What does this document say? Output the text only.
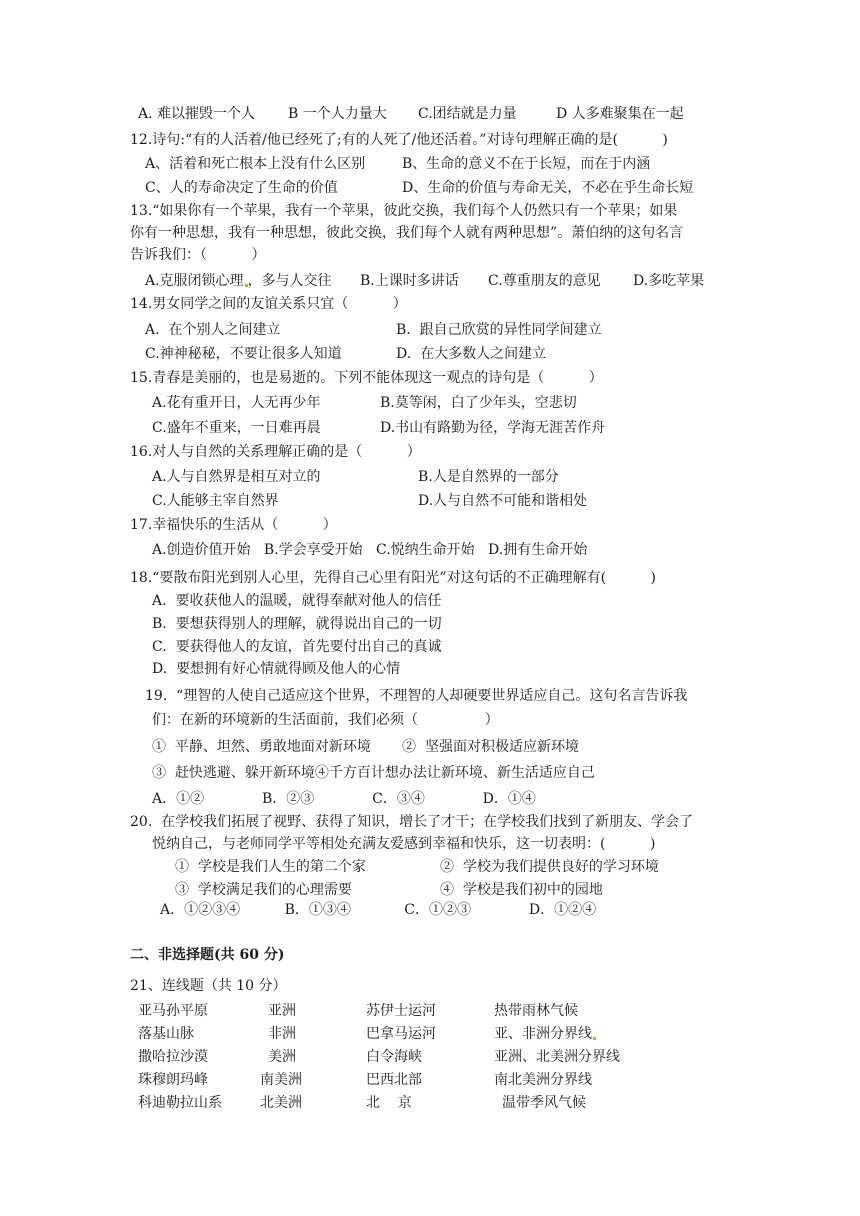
A. 难以摧毁一个人 B 一个人力量大 C.团结就是力量	D 人多难聚集在一起
12.诗句:“有的人活着/他已经死了;有的人死了/他还活着。”对诗句理解正确的是(          )
A、活着和死亡根本上没有什么区别	B、生命的意义不在于长短，而在于内涵
C、人的寿命决定了生命的价值	D、生命的价值与寿命无关，不必在乎生命长短
13.“如果你有一个苹果，我有一个苹果，彼此交换，我们每个人仍然只有一个苹果；如果
你有一种思想，我有一种思想，彼此交换，我们每个人就有两种思想”。萧伯纳的这句名言
告诉我们：（          ）
A.克服闭锁心理 ，多与人交往 B.上课时多讲话 C.尊重朋友的意见 D.多吃苹果
14.男女同学之间的友谊关系只宜（          ）
A.  在个别人之间建立	B.  跟自己欣赏的异性同学间建立
C.神神秘秘，不要让很多人知道	D.  在大多数人之间建立
15.青春是美丽的，也是易逝的。下列不能体现这一观点的诗句是（          ）
A.花有重开日，人无再少年	B.莫等闲，白了少年头，空悲切
C.盛年不重来，一日难再晨	D.书山有路勤为径，学海无涯苦作舟
16.对人与自然的关系理解正确的是（          ）
A.人与自然界是相互对立的	B.人是自然界的一部分
C.人能够主宰自然界	D.人与自然不可能和谐相处
17.幸福快乐的生活从（          ）
A.创造价值开始   B.学会享受开始   C.悦纳生命开始   D.拥有生命开始
18.“要散布阳光到别人心里，先得自己心里有阳光”对这句话的不正确理解有(          )
A.  要收获他人的温暖，就得奉献对他人的信任
B.  要想获得别人的理解，就得说出自己的一切
C.  要获得他人的友谊，首先要付出自己的真诚
D.  要想拥有好心情就得顾及他人的心情
19.  “理智的人使自己适应这个世界，不理智的人却硬要世界适应自己。这句名言告诉我
们：在新的环境新的生活面前，我们必须（               ）
①  平静、坦然、勇敢地面对新环境       ②  坚强面对积极适应新环境
③  赶快逃避、躲开新环境④千方百计想办法让新环境、新生活适应自己
A．①②             B．②③             C．③④             D．①④
20.  在学校我们拓展了视野、获得了知识，增长了才干；在学校我们找到了新朋友、学会了
悦纳自己，与老师同学平等相处充满友爱感到幸福和快乐，这一切表明：(          )
①  学校是我们人生的第二个家	②  学校为我们提供良好的学习环境
③  学校满足我们的心理需要	④  学校是我们初中的园地
A．①②③④          B．①③④            C．①②③             D．①②④
二、非选择题(共 60 分)
21、连线题（共 10 分）
亚马孙平原	亚洲	苏伊士运河	热带雨林气候
落基山脉	非洲	巴拿马运河	亚、非洲分界线
撒哈拉沙漠	美洲	白令海峡	亚洲、北美洲分界线
珠穆朗玛峰	南美洲	巴西北部	南北美洲分界线
科迪勒拉山系	北美洲	北    京	温带季风气候
